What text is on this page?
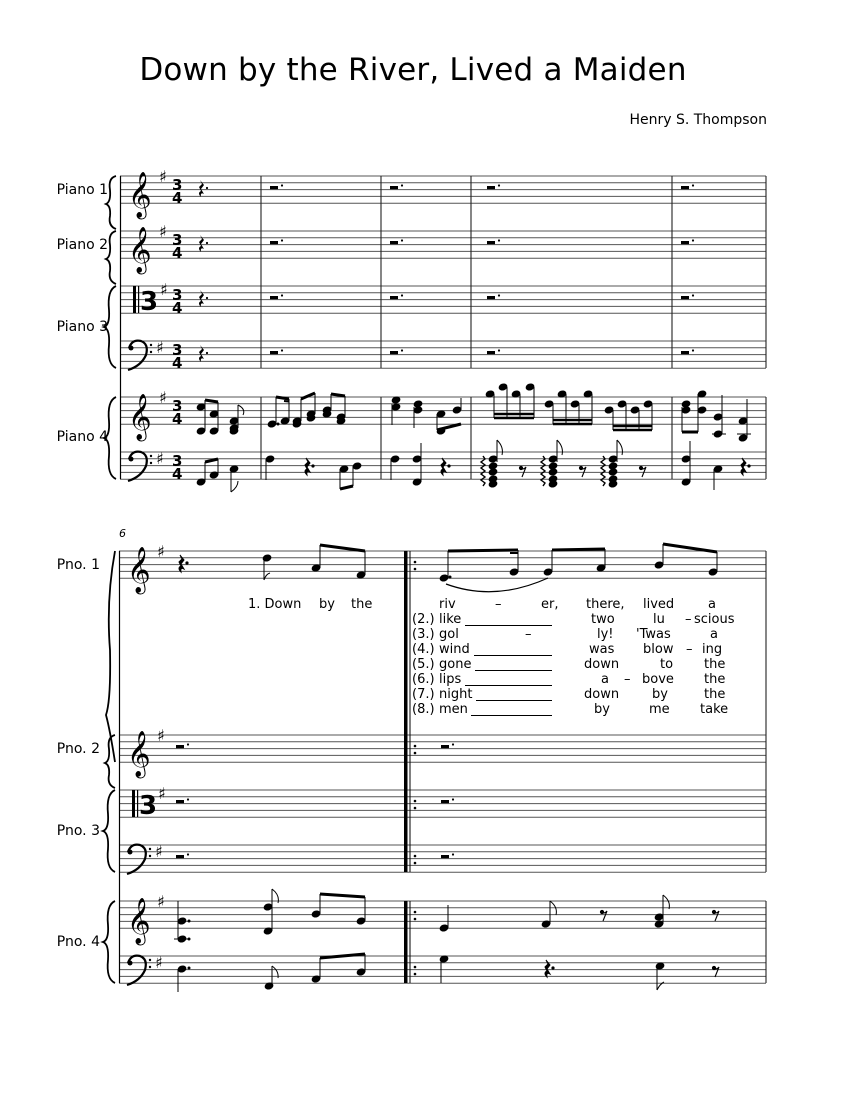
Down by the River, Lived a Maiden
Henry S. Thompson
Piano 1
Piano 2
Piano 3
Piano 4
Pno. 1
Pno. 2
Pno. 3
Pno. 4
6
1. Down by the	riv	–	er, there, lived	a
(2.) like	two	lu – scious
(3.) gol	–	ly! 'Twas	a
(4.) wind	was blow – ing
(5.) gone	down	to the
(6.) lips	a – bove the
(7.) night	down	by	the
(8.) men	by	me take
𝄞
𝄞
𝄞
3
♯
♯
♯
♯
♯
♯
3
4
3
4
3
4
3
4
3
4
3
4
𝄞
𝄞
𝄞
3
♯
♯
♯
♯
♯
♯
